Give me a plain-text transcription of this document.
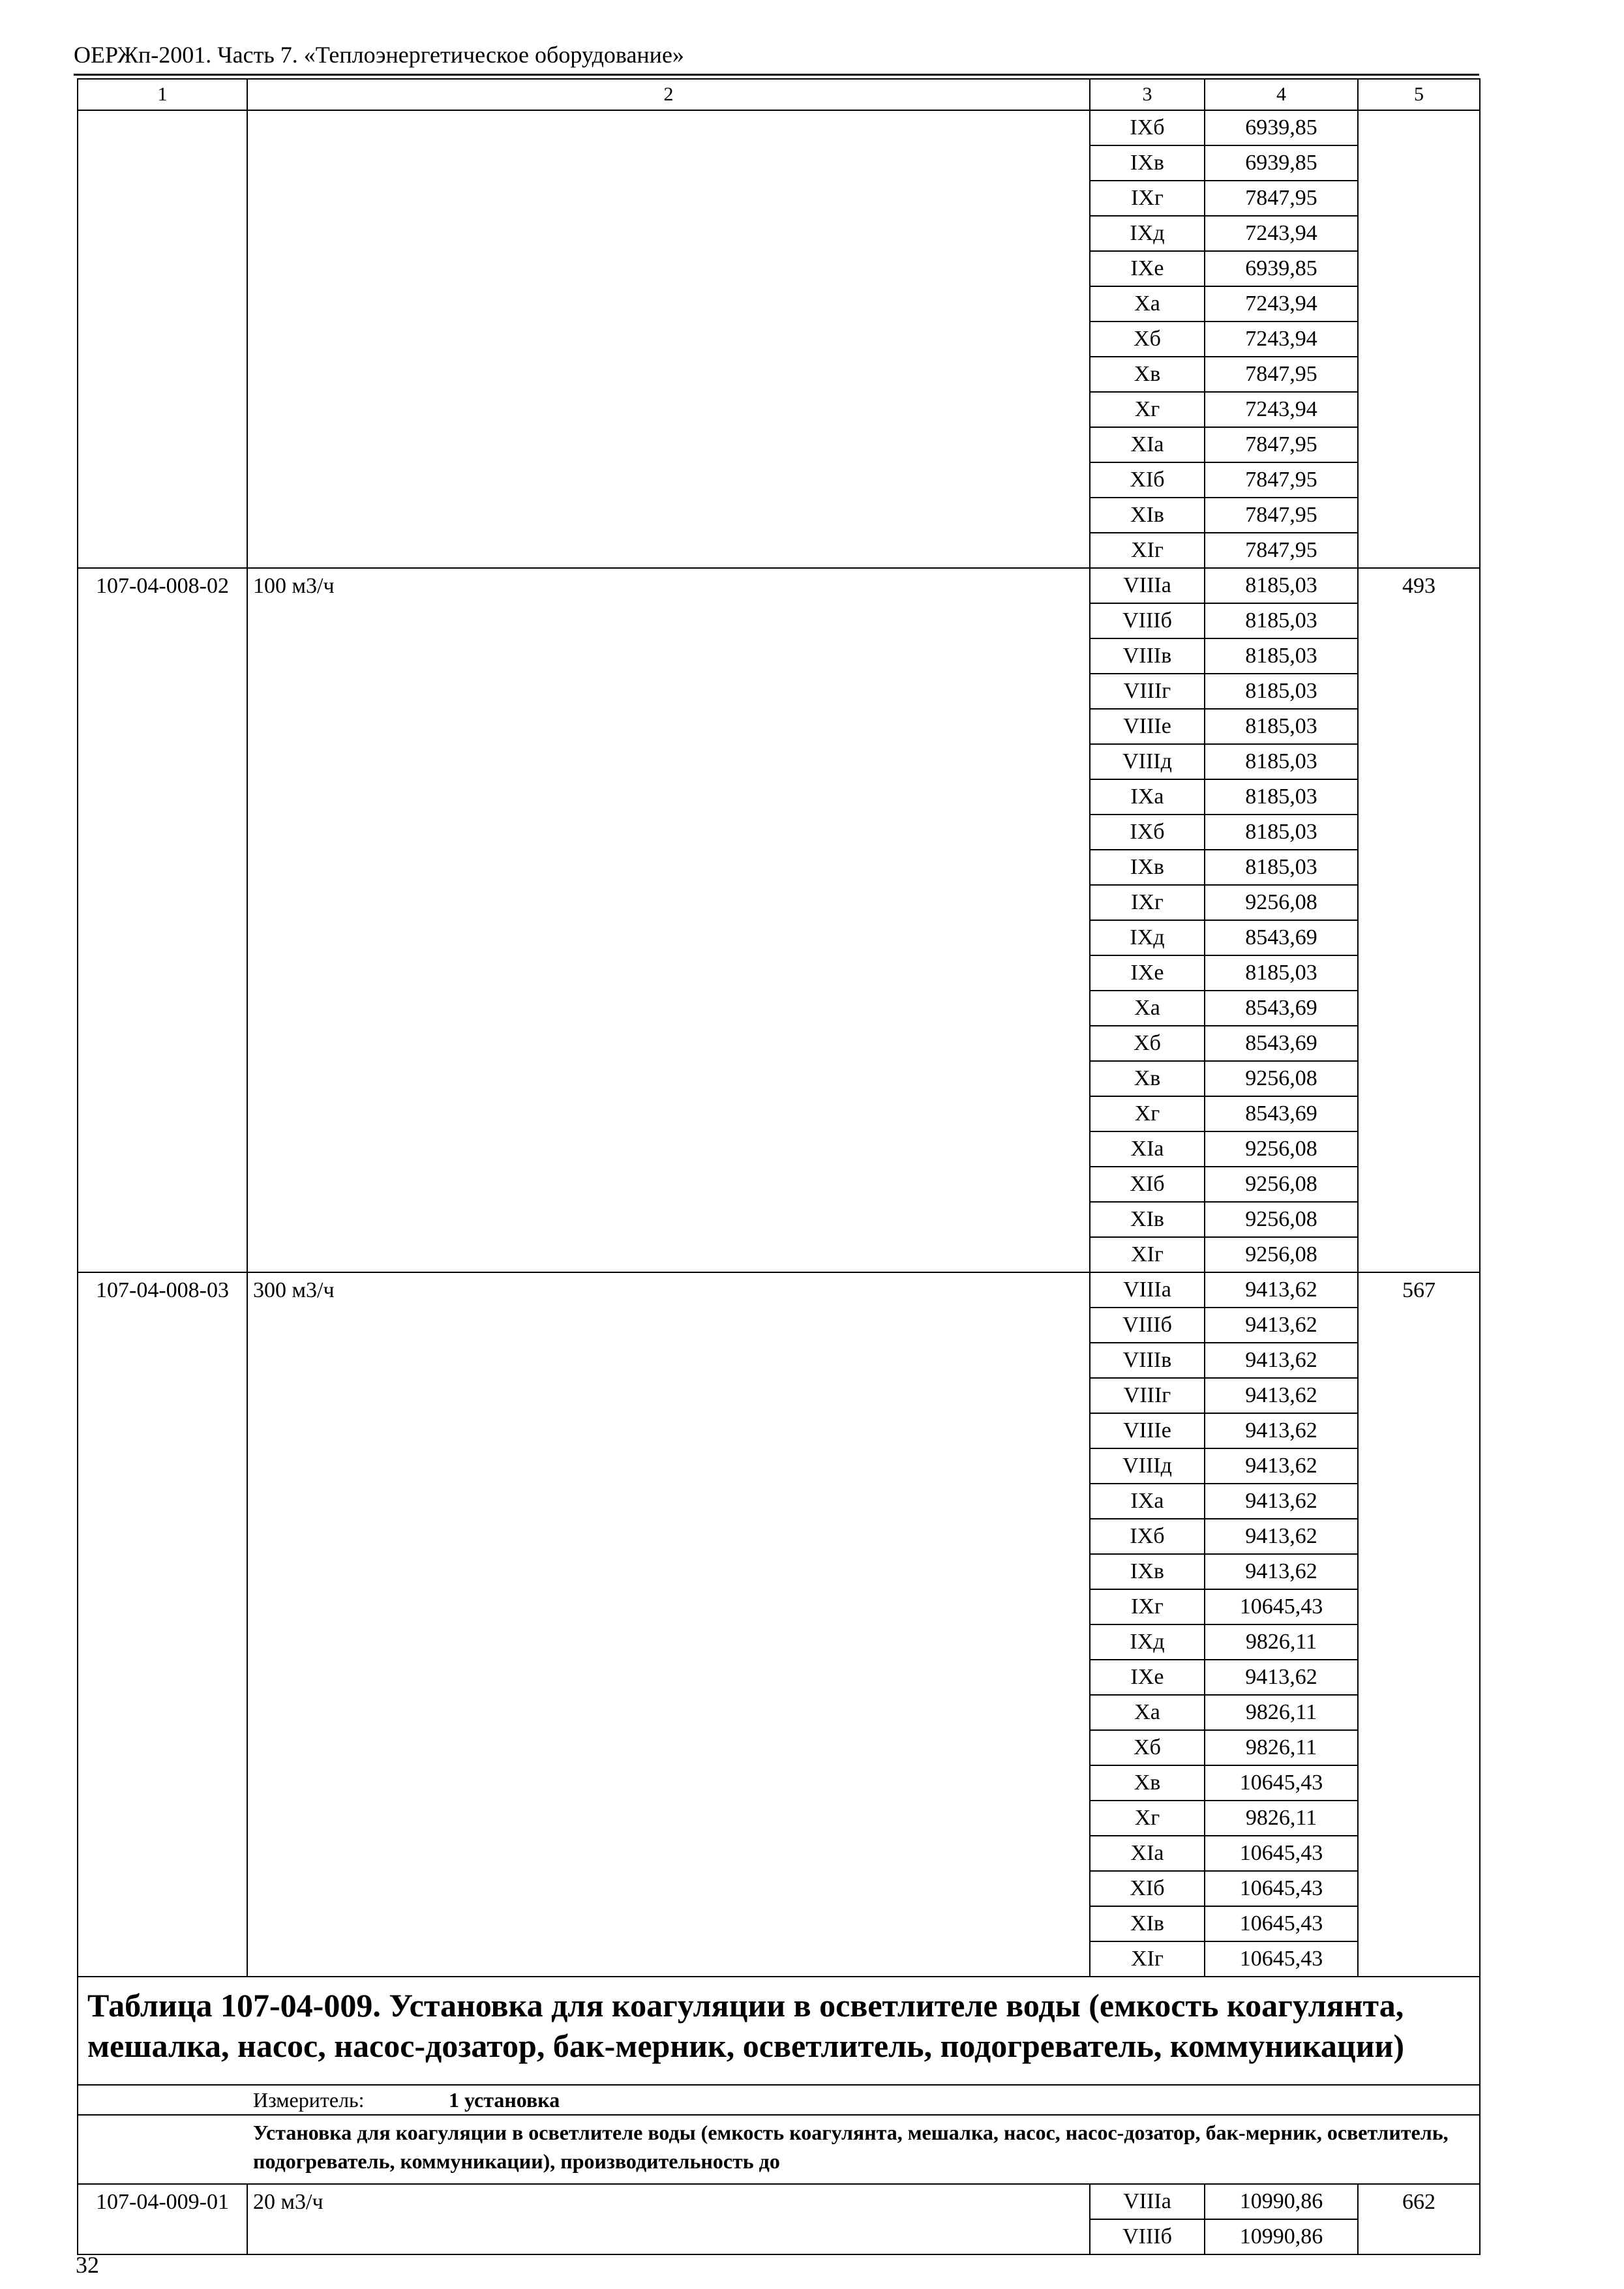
ОЕРЖп-2001. Часть 7. «Теплоэнергетическое оборудование»
1	2	3	4	5
		IXб	6939,85	
		IXв	6939,85	
		IXг	7847,95	
		IXд	7243,94	
		IXе	6939,85	
		Xа	7243,94	
		Xб	7243,94	
		Xв	7847,95	
		Xг	7243,94	
		XIа	7847,95	
		XIб	7847,95	
		XIв	7847,95	
		XIг	7847,95	
107-04-008-02	100 м3/ч	VIIIа	8185,03	493
		VIIIб	8185,03	
		VIIIв	8185,03	
		VIIIг	8185,03	
		VIIIе	8185,03	
		VIIIд	8185,03	
		IXа	8185,03	
		IXб	8185,03	
		IXв	8185,03	
		IXг	9256,08	
		IXд	8543,69	
		IXе	8185,03	
		Xа	8543,69	
		Xб	8543,69	
		Xв	9256,08	
		Xг	8543,69	
		XIа	9256,08	
		XIб	9256,08	
		XIв	9256,08	
		XIг	9256,08	
107-04-008-03	300 м3/ч	VIIIа	9413,62	567
		VIIIб	9413,62	
		VIIIв	9413,62	
		VIIIг	9413,62	
		VIIIе	9413,62	
		VIIIд	9413,62	
		IXа	9413,62	
		IXб	9413,62	
		IXв	9413,62	
		IXг	10645,43	
		IXд	9826,11	
		IXе	9413,62	
		Xа	9826,11	
		Xб	9826,11	
		Xв	10645,43	
		Xг	9826,11	
		XIа	10645,43	
		XIб	10645,43	
		XIв	10645,43	
		XIг	10645,43	
Таблица 107-04-009. Установка для коагуляции в осветлителе воды (емкость коагулянта, мешалка, насос, насос-дозатор, бак-мерник, осветлитель, подогреватель, коммуникации)				
Измеритель: 1 установка				
Установка для коагуляции в осветлителе воды (емкость коагулянта, мешалка, насос, насос-дозатор, бак-мерник, осветлитель, подогреватель, коммуникации), производительность до				
107-04-009-01	20 м3/ч	VIIIа	10990,86	662
		VIIIб	10990,86	
32
